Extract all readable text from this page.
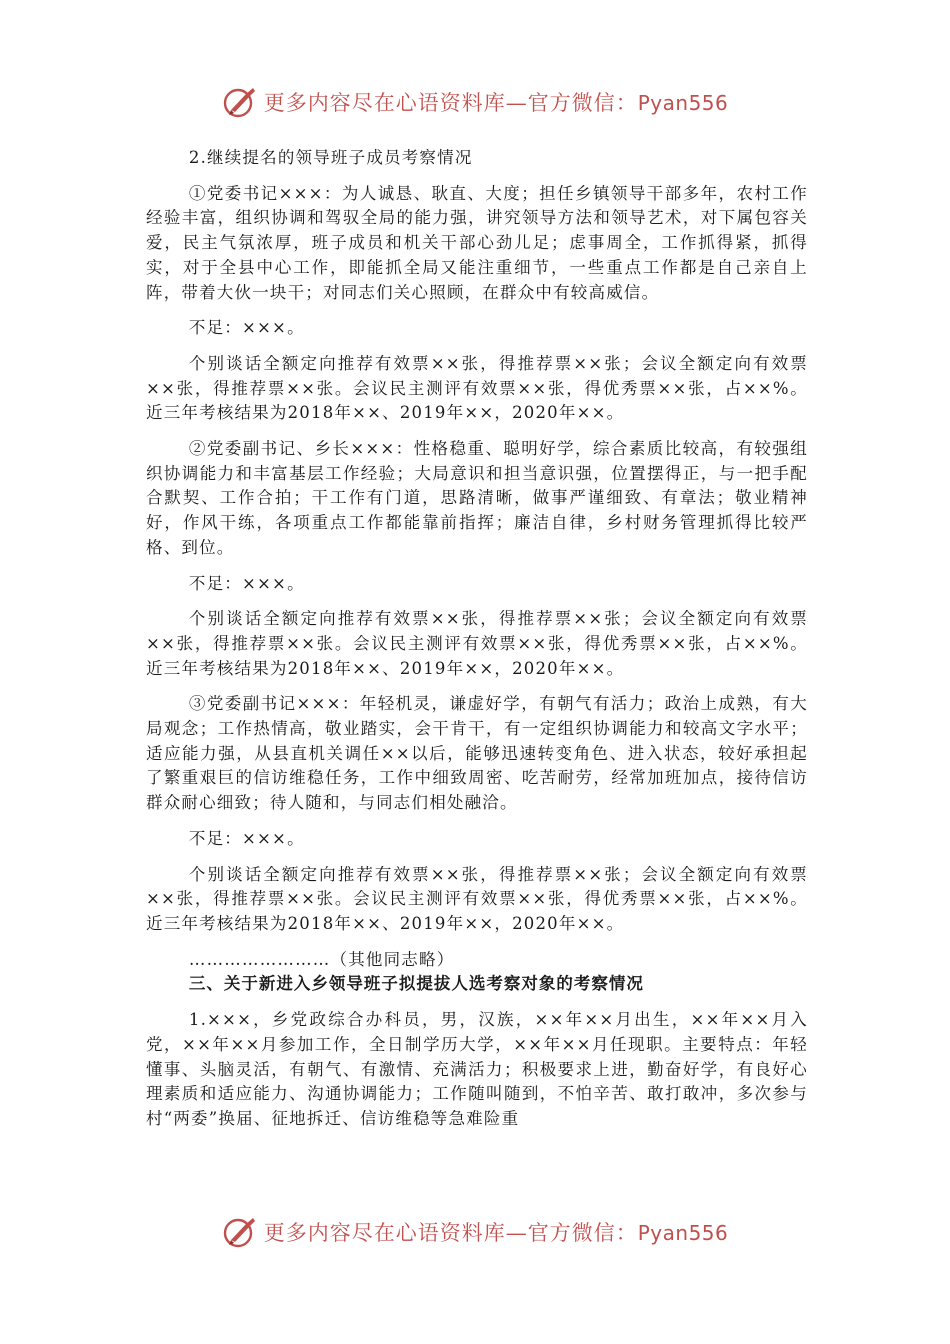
更多内容尽在心语资料库—官方微信：Pyan556

2.继续提名的领导班子成员考察情况

①党委书记×××：为人诚恳、耿直、大度；担任乡镇领导干部多年，农村工作经验丰富，组织协调和驾驭全局的能力强，讲究领导方法和领导艺术，对下属包容关爱，民主气氛浓厚，班子成员和机关干部心劲儿足；虑事周全，工作抓得紧，抓得实，对于全县中心工作，即能抓全局又能注重细节，一些重点工作都是自己亲自上阵，带着大伙一块干；对同志们关心照顾，在群众中有较高威信。

不足：×××。

个别谈话全额定向推荐有效票××张，得推荐票××张；会议全额定向有效票××张，得推荐票××张。会议民主测评有效票××张，得优秀票××张，占××%。近三年考核结果为2018年××、2019年××，2020年××。

②党委副书记、乡长×××：性格稳重、聪明好学，综合素质比较高，有较强组织协调能力和丰富基层工作经验；大局意识和担当意识强，位置摆得正，与一把手配合默契、工作合拍；干工作有门道，思路清晰，做事严谨细致、有章法；敬业精神好，作风干练，各项重点工作都能靠前指挥；廉洁自律，乡村财务管理抓得比较严格、到位。

不足：×××。

个别谈话全额定向推荐有效票××张，得推荐票××张；会议全额定向有效票××张，得推荐票××张。会议民主测评有效票××张，得优秀票××张，占××%。近三年考核结果为2018年××、2019年××，2020年××。

③党委副书记×××：年轻机灵，谦虚好学，有朝气有活力；政治上成熟，有大局观念；工作热情高，敬业踏实，会干肯干，有一定组织协调能力和较高文字水平；适应能力强，从县直机关调任××以后，能够迅速转变角色、进入状态，较好承担起了繁重艰巨的信访维稳任务，工作中细致周密、吃苦耐劳，经常加班加点，接待信访群众耐心细致；待人随和，与同志们相处融洽。

不足：×××。

个别谈话全额定向推荐有效票××张，得推荐票××张；会议全额定向有效票××张，得推荐票××张。会议民主测评有效票××张，得优秀票××张，占××%。近三年考核结果为2018年××、2019年××，2020年××。

……………………（其他同志略）

三、关于新进入乡领导班子拟提拔人选考察对象的考察情况

1.×××，乡党政综合办科员，男，汉族，××年××月出生，××年××月入党，××年××月参加工作，全日制学历大学，××年××月任现职。主要特点：年轻懂事、头脑灵活，有朝气、有激情、充满活力；积极要求上进，勤奋好学，有良好心理素质和适应能力、沟通协调能力；工作随叫随到，不怕辛苦、敢打敢冲，多次参与村“两委”换届、征地拆迁、信访维稳等急难险重

更多内容尽在心语资料库—官方微信：Pyan556
